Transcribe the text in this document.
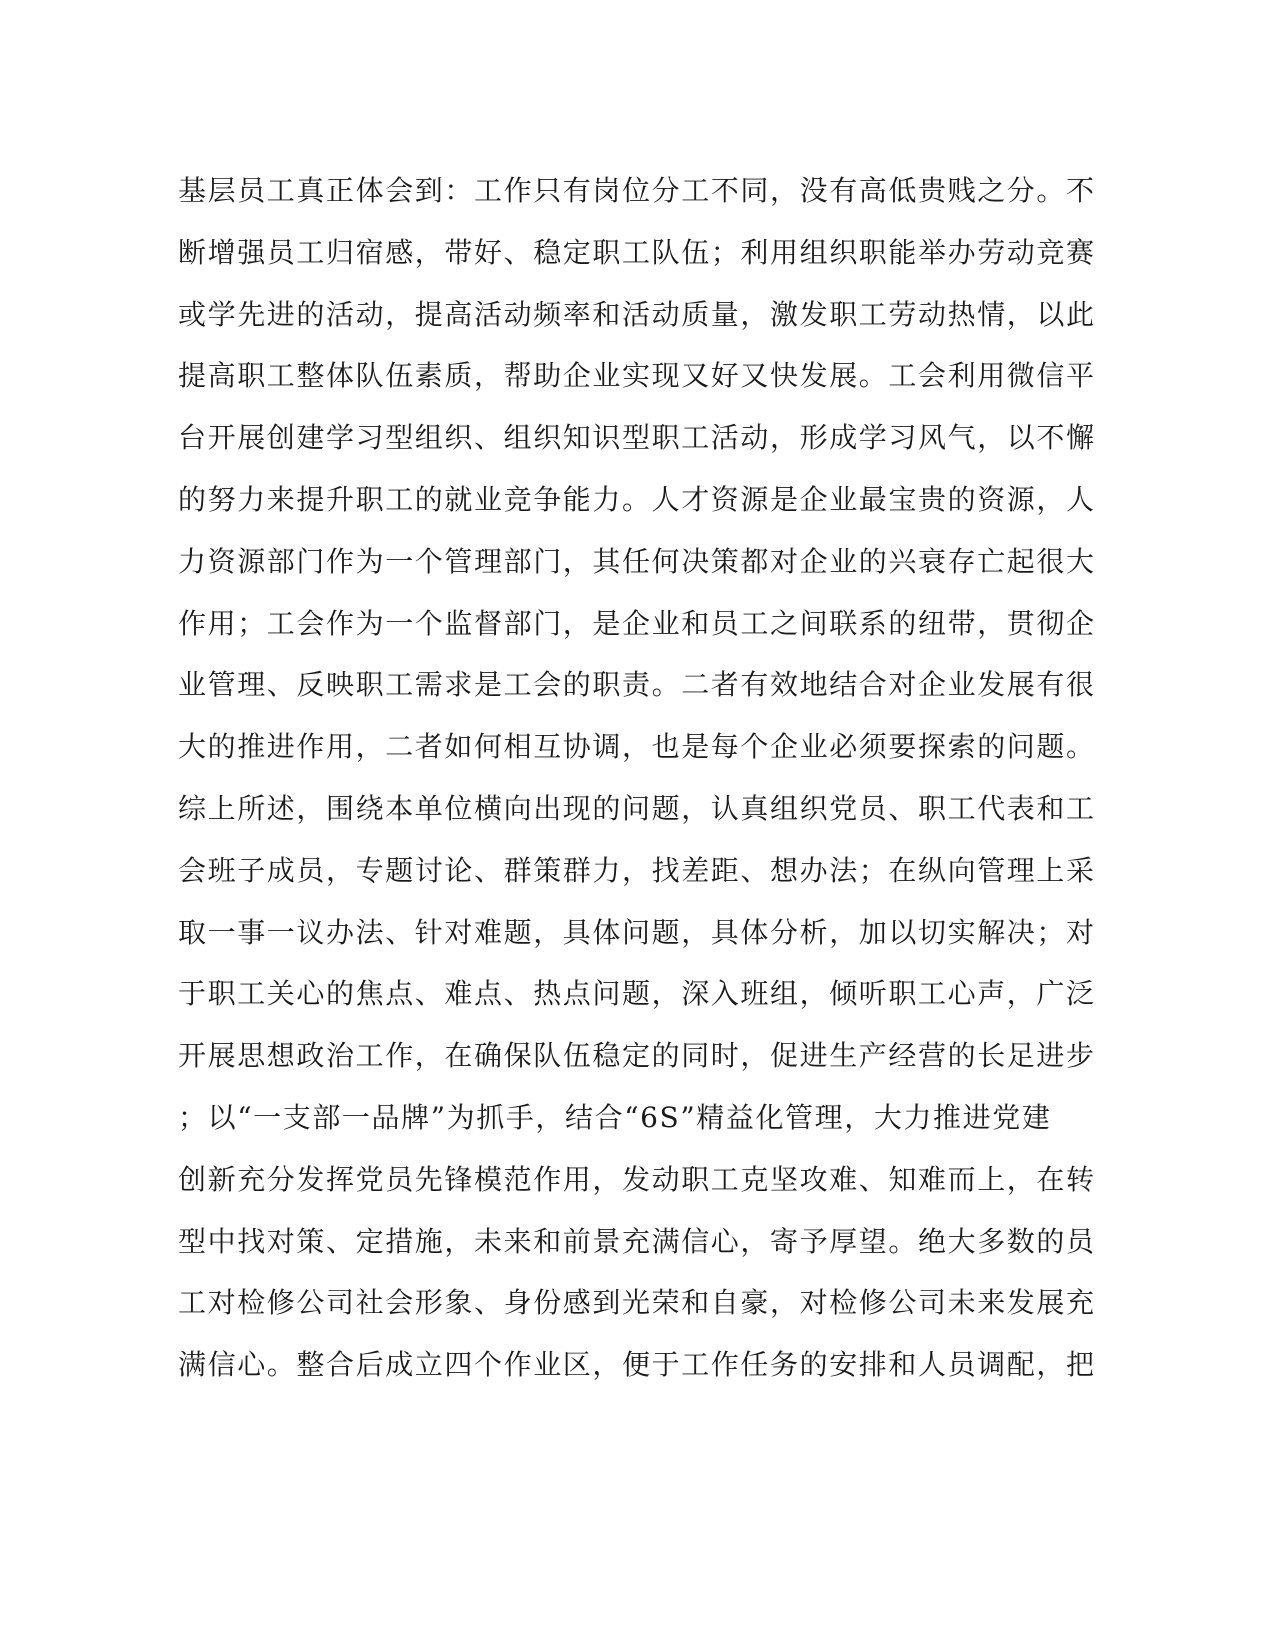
基层员工真正体会到：工作只有岗位分工不同，没有高低贵贱之分。不
断增强员工归宿感，带好、稳定职工队伍；利用组织职能举办劳动竞赛
或学先进的活动，提高活动频率和活动质量，激发职工劳动热情，以此
提高职工整体队伍素质，帮助企业实现又好又快发展。工会利用微信平
台开展创建学习型组织、组织知识型职工活动，形成学习风气，以不懈
的努力来提升职工的就业竞争能力。人才资源是企业最宝贵的资源，人
力资源部门作为一个管理部门，其任何决策都对企业的兴衰存亡起很大
作用；工会作为一个监督部门，是企业和员工之间联系的纽带，贯彻企
业管理、反映职工需求是工会的职责。二者有效地结合对企业发展有很
大的推进作用，二者如何相互协调，也是每个企业必须要探索的问题。
综上所述，围绕本单位横向出现的问题，认真组织党员、职工代表和工
会班子成员，专题讨论、群策群力，找差距、想办法；在纵向管理上采
取一事一议办法、针对难题，具体问题，具体分析，加以切实解决；对
于职工关心的焦点、难点、热点问题，深入班组，倾听职工心声，广泛
开展思想政治工作，在确保队伍稳定的同时，促进生产经营的长足进步
；以“一支部一品牌”为抓手，结合“6S”精益化管理，大力推进党建
创新充分发挥党员先锋模范作用，发动职工克坚攻难、知难而上，在转
型中找对策、定措施，未来和前景充满信心，寄予厚望。绝大多数的员
工对检修公司社会形象、身份感到光荣和自豪，对检修公司未来发展充
满信心。整合后成立四个作业区，便于工作任务的安排和人员调配，把
